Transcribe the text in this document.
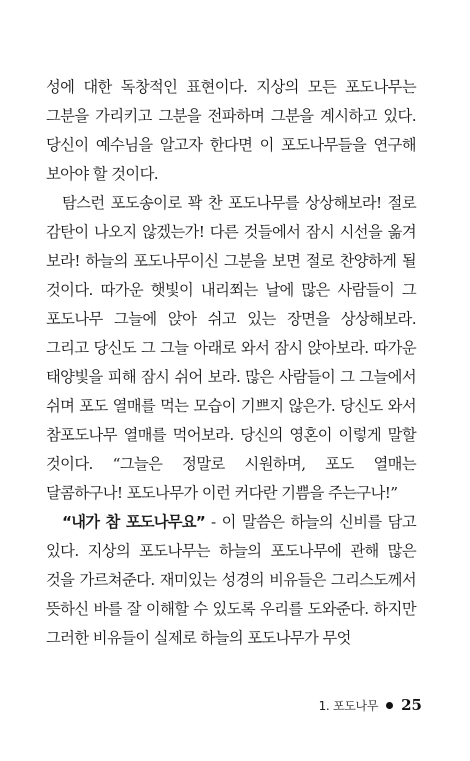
성에 대한 독창적인 표현이다. 지상의 모든 포도나무는 그분을 가리키고 그분을 전파하며 그분을 계시하고 있다. 당신이 예수님을 알고자 한다면 이 포도나무들을 연구해 보아야 할 것이다.

탐스런 포도송이로 꽉 찬 포도나무를 상상해보라! 절로 감탄이 나오지 않겠는가! 다른 것들에서 잠시 시선을 옮겨 보라! 하늘의 포도나무이신 그분을 보면 절로 찬양하게 될 것이다. 따가운 햇빛이 내리쬐는 날에 많은 사람들이 그 포도나무 그늘에 앉아 쉬고 있는 장면을 상상해보라. 그리고 당신도 그 그늘 아래로 와서 잠시 앉아보라. 따가운 태양빛을 피해 잠시 쉬어 보라. 많은 사람들이 그 그늘에서 쉬며 포도 열매를 먹는 모습이 기쁘지 않은가. 당신도 와서 참포도나무 열매를 먹어보라. 당신의 영혼이 이렇게 말할 것이다. “그늘은 정말로 시원하며, 포도 열매는 달콤하구나! 포도나무가 이런 커다란 기쁨을 주는구나!”

“내가 참 포도나무요” - 이 말씀은 하늘의 신비를 담고 있다. 지상의 포도나무는 하늘의 포도나무에 관해 많은 것을 가르쳐준다. 재미있는 성경의 비유들은 그리스도께서 뜻하신 바를 잘 이해할 수 있도록 우리를 도와준다. 하지만 그러한 비유들이 실제로 하늘의 포도나무가 무엇

1. 포도나무 25
